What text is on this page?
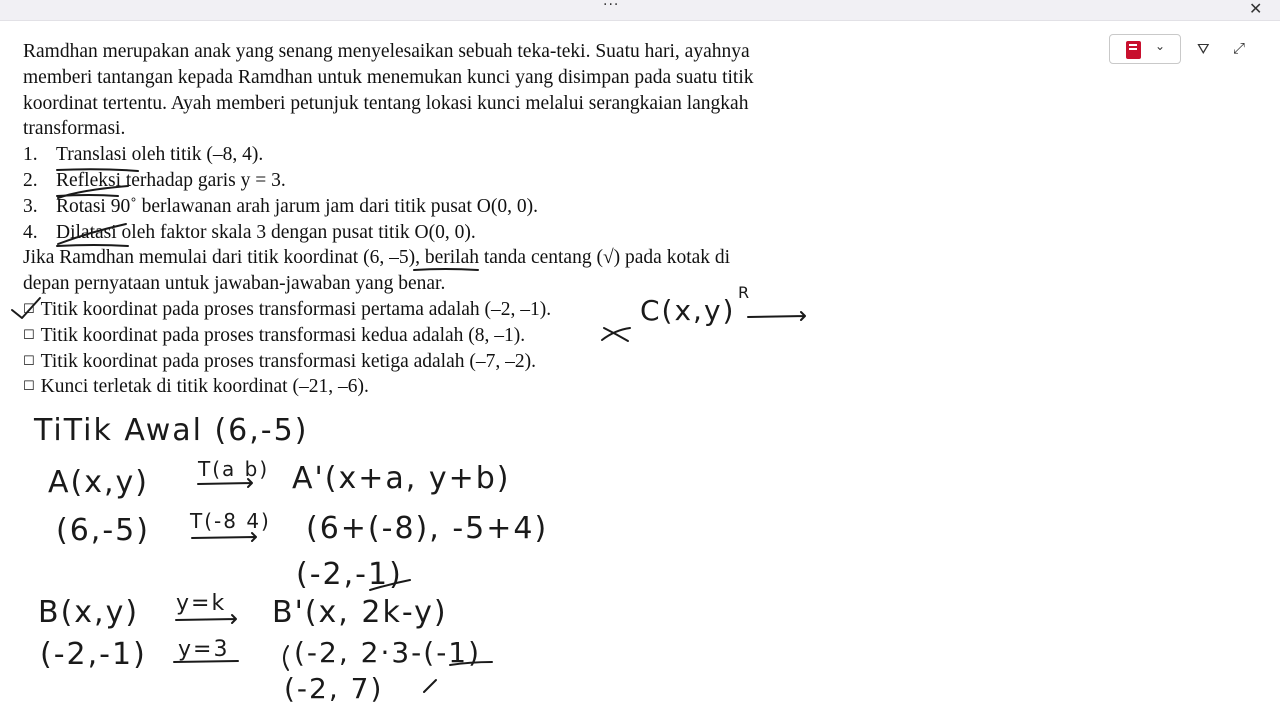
···	✕
⌄ ⛛ ⤢
Ramdhan merupakan anak yang senang menyelesaikan sebuah teka-teki. Suatu hari, ayahnya
memberi tantangan kepada Ramdhan untuk menemukan kunci yang disimpan pada suatu titik
koordinat tertentu. Ayah memberi petunjuk tentang lokasi kunci melalui serangkaian langkah
transformasi.
1. Translasi oleh titik (–8, 4).
2. Refleksi terhadap garis y = 3.
3. Rotasi 90˚ berlawanan arah jarum jam dari titik pusat O(0, 0).
4. Dilatasi oleh faktor skala 3 dengan pusat titik O(0, 0).
Jika Ramdhan memulai dari titik koordinat (6, –5), berilah tanda centang (√) pada kotak di
depan pernyataan untuk jawaban-jawaban yang benar.
☐ Titik koordinat pada proses transformasi pertama adalah (–2, –1).
☐ Titik koordinat pada proses transformasi kedua adalah (8, –1).
☐ Titik koordinat pada proses transformasi ketiga adalah (–7, –2).
☐ Kunci terletak di titik koordinat (–21, –6).
C(x,y)
R
TiTik Awal (6,-5)
A(x,y) T(a b) A'(x+a, y+b)
(6,-5) T(-8 4) (6+(-8), -5+4)
(-2,-1)
B(x,y) y=k B'(x, 2k-y)
(-2,-1) y=3 (-2, 2·3-(-1)
(-2, 7)
